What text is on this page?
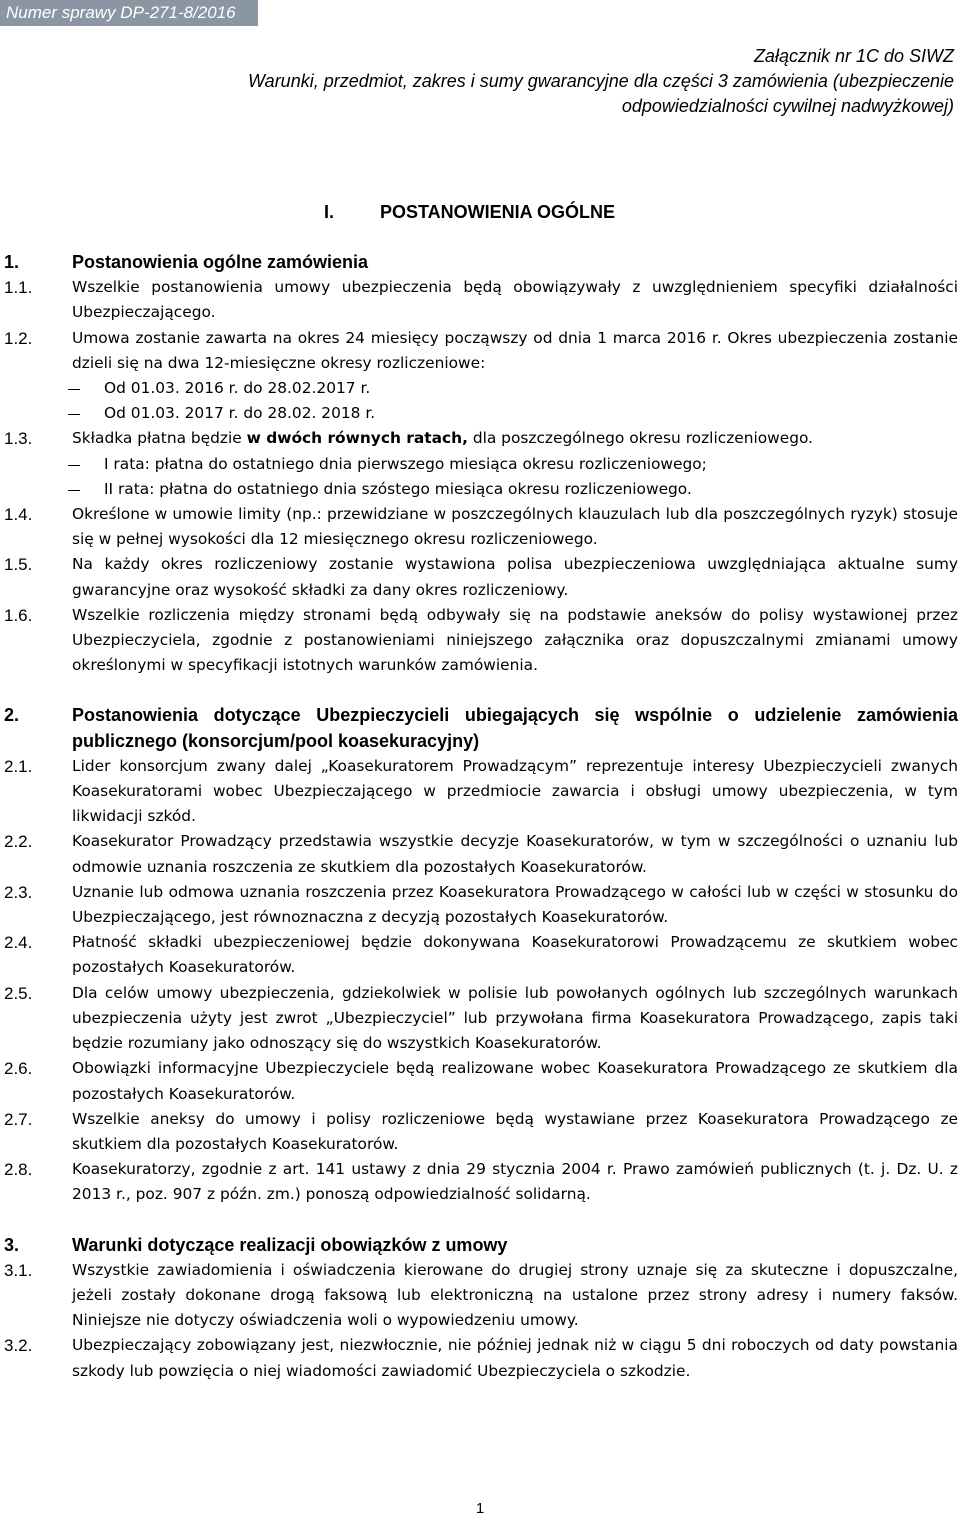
Numer sprawy DP-271-8/2016
Załącznik nr 1C do SIWZ
Warunki, przedmiot, zakres i sumy gwarancyjne dla części 3 zamówienia (ubezpieczenie
odpowiedzialności cywilnej nadwyżkowej)
I.	POSTANOWIENIA OGÓLNE
1.	Postanowienia ogólne zamówienia
1.1.	Wszelkie postanowienia umowy ubezpieczenia będą obowiązywały z uwzględnieniem specyfiki działalności Ubezpieczającego.
1.2.	Umowa zostanie zawarta na okres 24 miesięcy począwszy od dnia 1 marca 2016 r. Okres ubezpieczenia zostanie dzieli się na dwa 12-miesięczne okresy rozliczeniowe:
Od 01.03. 2016 r. do 28.02.2017 r.
Od 01.03. 2017 r. do 28.02. 2018 r.
1.3.	Składka płatna będzie w dwóch równych ratach, dla poszczególnego okresu rozliczeniowego.
I rata: płatna do ostatniego dnia pierwszego miesiąca okresu rozliczeniowego;
II rata: płatna do ostatniego dnia szóstego miesiąca okresu rozliczeniowego.
1.4.	Określone w umowie limity (np.: przewidziane w poszczególnych klauzulach lub dla poszczególnych ryzyk) stosuje się w pełnej wysokości dla 12 miesięcznego okresu rozliczeniowego.
1.5.	Na każdy okres rozliczeniowy zostanie wystawiona polisa ubezpieczeniowa uwzględniająca aktualne sumy gwarancyjne oraz wysokość składki za dany okres rozliczeniowy.
1.6.	Wszelkie rozliczenia między stronami będą odbywały się na podstawie aneksów do polisy wystawionej przez Ubezpieczyciela, zgodnie z postanowieniami niniejszego załącznika oraz dopuszczalnymi zmianami umowy określonymi w specyfikacji istotnych warunków zamówienia.
2.	Postanowienia dotyczące Ubezpieczycieli ubiegających się wspólnie o udzielenie zamówienia publicznego (konsorcjum/pool koasekuracyjny)
2.1.	Lider konsorcjum zwany dalej „Koasekuratorem Prowadzącym” reprezentuje interesy Ubezpieczycieli zwanych Koasekuratorami wobec Ubezpieczającego w przedmiocie zawarcia i obsługi umowy ubezpieczenia, w tym likwidacji szkód.
2.2.	Koasekurator Prowadzący przedstawia wszystkie decyzje Koasekuratorów, w tym w szczególności o uznaniu lub odmowie uznania roszczenia ze skutkiem dla pozostałych Koasekuratorów.
2.3.	Uznanie lub odmowa uznania roszczenia przez Koasekuratora Prowadzącego w całości lub w części w stosunku do Ubezpieczającego, jest równoznaczna z decyzją pozostałych Koasekuratorów.
2.4.	Płatność składki ubezpieczeniowej będzie dokonywana Koasekuratorowi Prowadzącemu ze skutkiem wobec pozostałych Koasekuratorów.
2.5.	Dla celów umowy ubezpieczenia, gdziekolwiek w polisie lub powołanych ogólnych lub szczególnych warunkach ubezpieczenia użyty jest zwrot „Ubezpieczyciel” lub przywołana firma Koasekuratora Prowadzącego, zapis taki będzie rozumiany jako odnoszący się do wszystkich Koasekuratorów.
2.6.	Obowiązki informacyjne Ubezpieczyciele będą realizowane wobec Koasekuratora Prowadzącego ze skutkiem dla pozostałych Koasekuratorów.
2.7.	Wszelkie aneksy do umowy i polisy rozliczeniowe będą wystawiane przez Koasekuratora Prowadzącego ze skutkiem dla pozostałych Koasekuratorów.
2.8.	Koasekuratorzy, zgodnie z art. 141 ustawy z dnia 29 stycznia 2004 r. Prawo zamówień publicznych (t. j. Dz. U. z 2013 r., poz. 907 z późn. zm.) ponoszą odpowiedzialność solidarną.
3.	Warunki dotyczące realizacji obowiązków z umowy
3.1.	Wszystkie zawiadomienia i oświadczenia kierowane do drugiej strony uznaje się za skuteczne i dopuszczalne, jeżeli zostały dokonane drogą faksową lub elektroniczną na ustalone przez strony adresy i numery faksów. Niniejsze nie dotyczy oświadczenia woli o wypowiedzeniu umowy.
3.2.	Ubezpieczający zobowiązany jest, niezwłocznie, nie później jednak niż w ciągu 5 dni roboczych od daty powstania szkody lub powzięcia o niej wiadomości zawiadomić Ubezpieczyciela o szkodzie.
1
